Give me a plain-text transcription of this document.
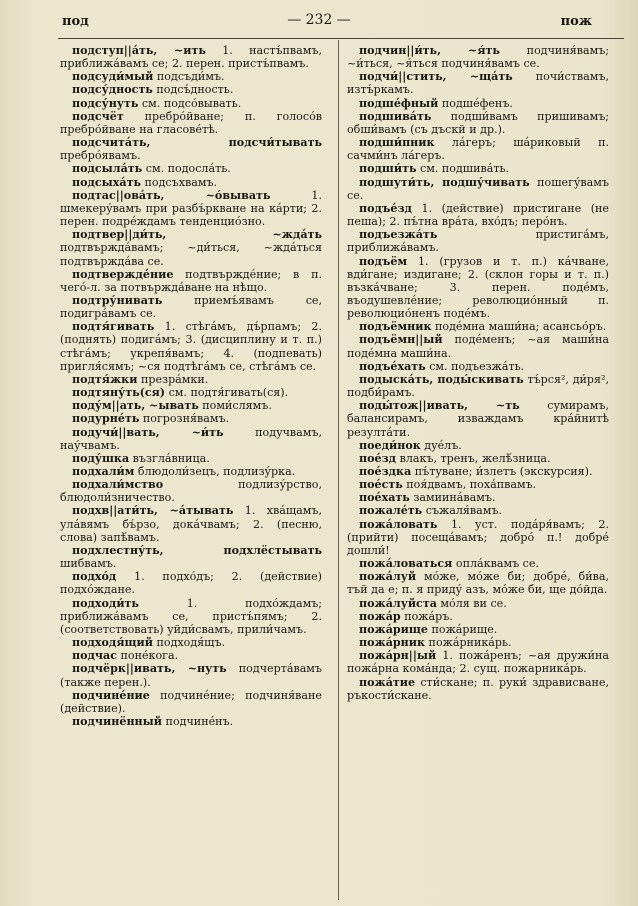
под	— 232 —	пож

подступ||áть, ~ить 1. настъ́пвамъ, приближáвамъ се; 2. перен. пристъ́пвамъ.

подсуди́мый подсъди́мъ.

подсу́дность подсъ́дность.

подсу́нуть см. подсо́вывать.

подсчёт пребро́йване; п. голосо́в пребро́йване на гласове́тѣ.

подсчитáть, подсчи́тывать пребро́явамъ.

подсылáть см. подослáть.

подсыхáть подсъхвамъ.

подтас||овáть, ~о́вывать 1. шмекеру́вамъ при разбъ́ркване на кáрти; 2. перен. подрéждамъ тенденцио́зно.

подтвер||ди́ть, ~ждáть подтвърждáвамъ; ~ди́ться, ~ждáться подтвърждáва се.

подтверждéние подтвърждéние; в п. чегó-л. за потвърждáване на нѣщо.

подтру́нивать приемъ́явамъ се, подигрáвамъ се.

подтя́гивать 1. стѣгáмъ, дъ́рпамъ; 2. (поднять) подигáмъ; 3. (дисциплину и т. п.) стѣгáмъ; укрепя́вамъ; 4. (подпевать) пригля́сямъ; ~ся подтѣгáмъ се, стѣгáмъ се.

подтя́жки презрáмки.

подтяну́ть(ся) см. подтя́гивать(ся).

поду́м||ать, ~ывать поми́слямъ.

подурнéть погрозня́вамъ.

подучи́||вать, ~и́ть подучвамъ, нау́чвамъ.

поду́шка възглáвница.

подхали́м блюдоли́зецъ, подлизу́рка.

подхали́мство подлизу́рство, блюдоли́зничество.

подхв||ати́ть, ~áтывать 1. хвáщамъ, улáвямъ бъ́рзо, докáчвамъ; 2. (песню, слова) запѣ́вамъ.

подхлестну́ть, подхлёстывать шибвамъ.

подхо́д 1. подхо́дъ; 2. (действие) подхо́ждане.

подходи́ть 1. подхо́ждамъ; приближáвамъ се, пристъ́пямъ; 2. (соответствовать) уйди́свамъ, прили́чамъ.

подходя́щий подходя́щъ.

подчас поне́кога.

подчёрк||ивать, ~нуть подчертáвамъ (также перен.).

подчинéние подчинéние; подчиня́ване (действие).

подчинённый подчинéнъ.

подчин||и́ть, ~я́ть подчиня́вамъ; ~и́ться, ~я́ться подчиня́вамъ се.

подчи́||стить, ~щáть почи́ствамъ, изтъ́ркамъ.

подшéфный подшéфенъ.

подшивáть подши́вамъ пришивамъ; обши́вамъ (съ дъскй и др.).

подши́пник лáгеръ; шáриковый п. сачми́нъ лáгеръ.

подши́ть см. подшивáть.

подшути́ть, подшу́чивать пошегу́вамъ се.

подъéзд 1. (действие) пристигане (не пеша); 2. пъ́тна врáта, вхо́дъ; перо́нъ.

подъезжáть пристигáмъ, приближáвамъ.

подъём 1. (грузов и т. п.) кáчване, вди́гане; издигане; 2. (склон горы и т. п.) възкáчване; 3. перен. подéмъ, въодушевлéние; революцио́нный п. революцио́ненъ подéмъ.

подъёмник подéмна маши́на; асансьо́ръ.

подъёмн||ый подéменъ; ~ая маши́на подéмна маши́на.

подъéхать см. подъезжáть.

подыскáть, поды́скивать тъ́рся², ди́ря², подби́рамъ.

поды́тож||ивать, ~ть сумирамъ, балансирамъ, изваждамъ крáйнитѣ резултáти.

поеди́нок дуéлъ.

поéзд влакъ, тренъ, желѣ́зница.

поéздка пъ́туване; и́злетъ (экскурсия).

поéсть поя́двамъ, похáпвамъ.

поéхать замиинáвамъ.

пожалéть съжаля́вамъ.

пожáловать 1. уст. подáря́вамъ; 2. (прийти) посещáвамъ; добро́ п.! добрé дошли́!

пожáловаться оплáквамъ се.

пожáлуй мо́же, мо́же би; добрé, би́ва, тъй да е; п. я приду́ азъ, мо́же би, ще до́йда.

пожáлуйста мо́ля ви се.

пожáр пожáръ.

пожáрище пожáрище.

пожáрник пожáрникáрь.

пожáрн||ый 1. пожáренъ; ~ая дружи́на пожáрна комáнда; 2. сущ. пожарникáрь.

пожáтие сти́скане; п. руки́ здрависване, ръкости́скане.
